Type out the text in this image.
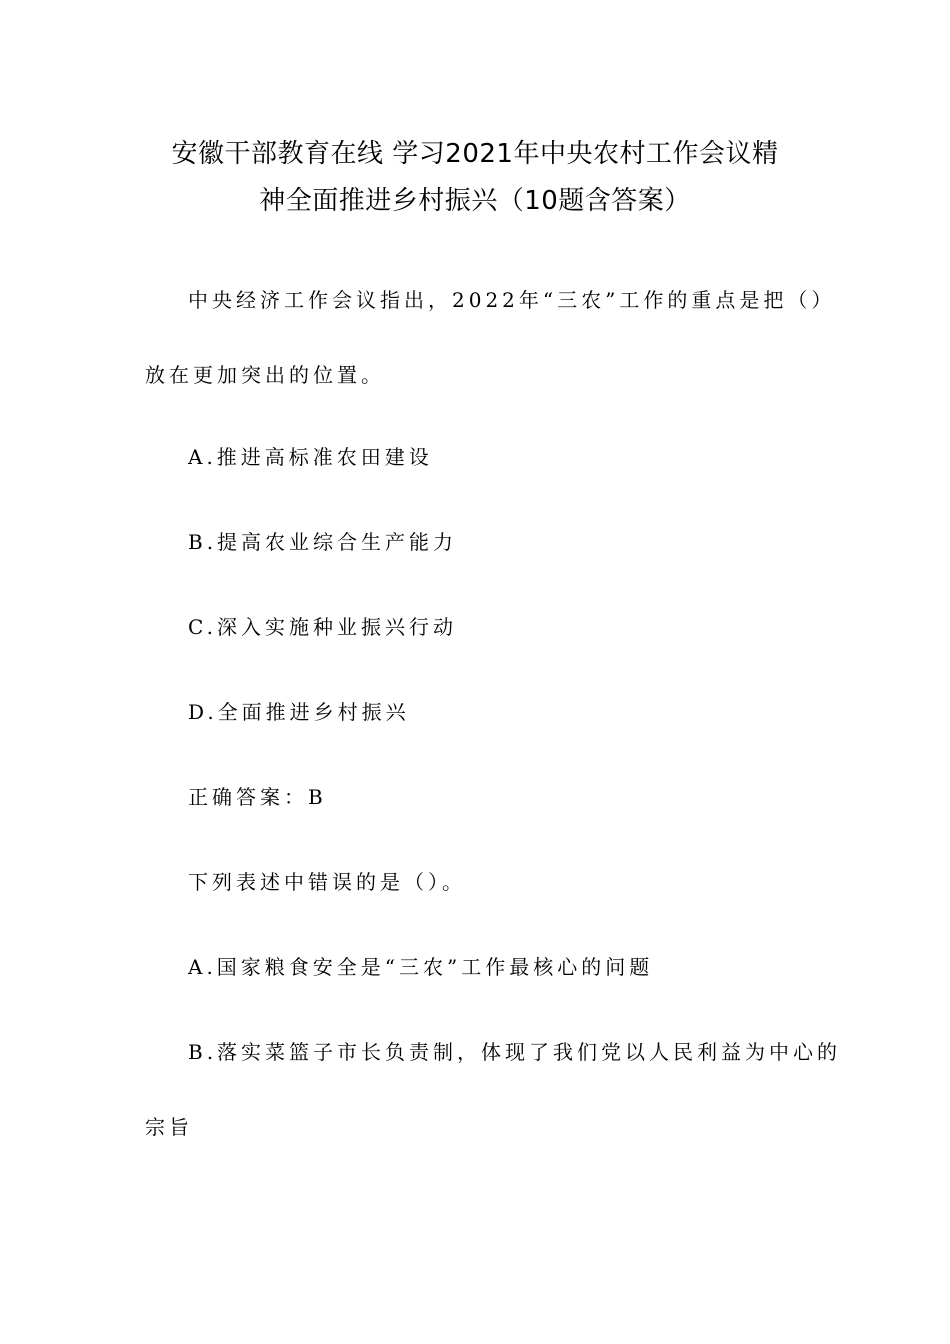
安徽干部教育在线 学习2021年中央农村工作会议精
神全面推进乡村振兴（10题含答案）
中央经济工作会议指出，2022年“三农”工作的重点是把（）
放在更加突出的位置。
A.推进高标准农田建设
B.提高农业综合生产能力
C.深入实施种业振兴行动
D.全面推进乡村振兴
正确答案：B
下列表述中错误的是（）。
A.国家粮食安全是“三农”工作最核心的问题
B.落实菜篮子市长负责制，体现了我们党以人民利益为中心的
宗旨
